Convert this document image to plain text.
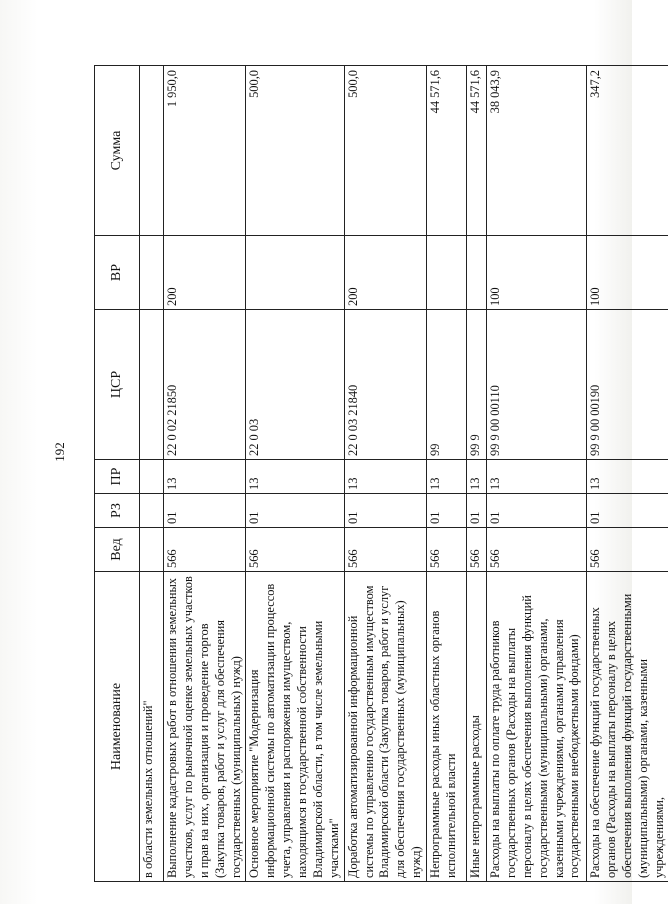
192
Наименование	Вед	РЗ	ПР	ЦСР	ВР	Сумма
в области земельных отношений"						
Выполнение кадастровых работ в отношении земельных участков, услуг по рыночной оценке земельных участков и прав на них, организация и проведение торгов (Закупка товаров, работ и услуг для обеспечения государственных (муниципальных) нужд)	566	01	13	22 0 02 21850	200	1 950,0
Основное мероприятие "Модернизация информационной системы по автоматизации процессов учета, управления и распоряжения имуществом, находящимся в государственной собственности Владимирской области, в том числе земельными участками"	566	01	13	22 0 03		500,0
Доработка автоматизированной информационной системы по управлению государственным имуществом Владимирской области (Закупка товаров, работ и услуг для обеспечения государственных (муниципальных) нужд)	566	01	13	22 0 03 21840	200	500,0
Непрограммные расходы иных областных органов исполнительной власти	566	01	13	99		44 571,6
Иные непрограммные расходы	566	01	13	99 9		44 571,6
Расходы на выплаты по оплате труда работников государственных органов (Расходы на выплаты персоналу в целях обеспечения выполнения функций государственными (муниципальными) органами, казенными учреждениями, органами управления государственными внебюджетными фондами)	566	01	13	99 9 00 00110	100	38 043,9
Расходы на обеспечение функций государственных органов (Расходы на выплаты персоналу в целях обеспечения выполнения функций государственными (муниципальными) органами, казенными учреждениями,	566	01	13	99 9 00 00190	100	347,2
